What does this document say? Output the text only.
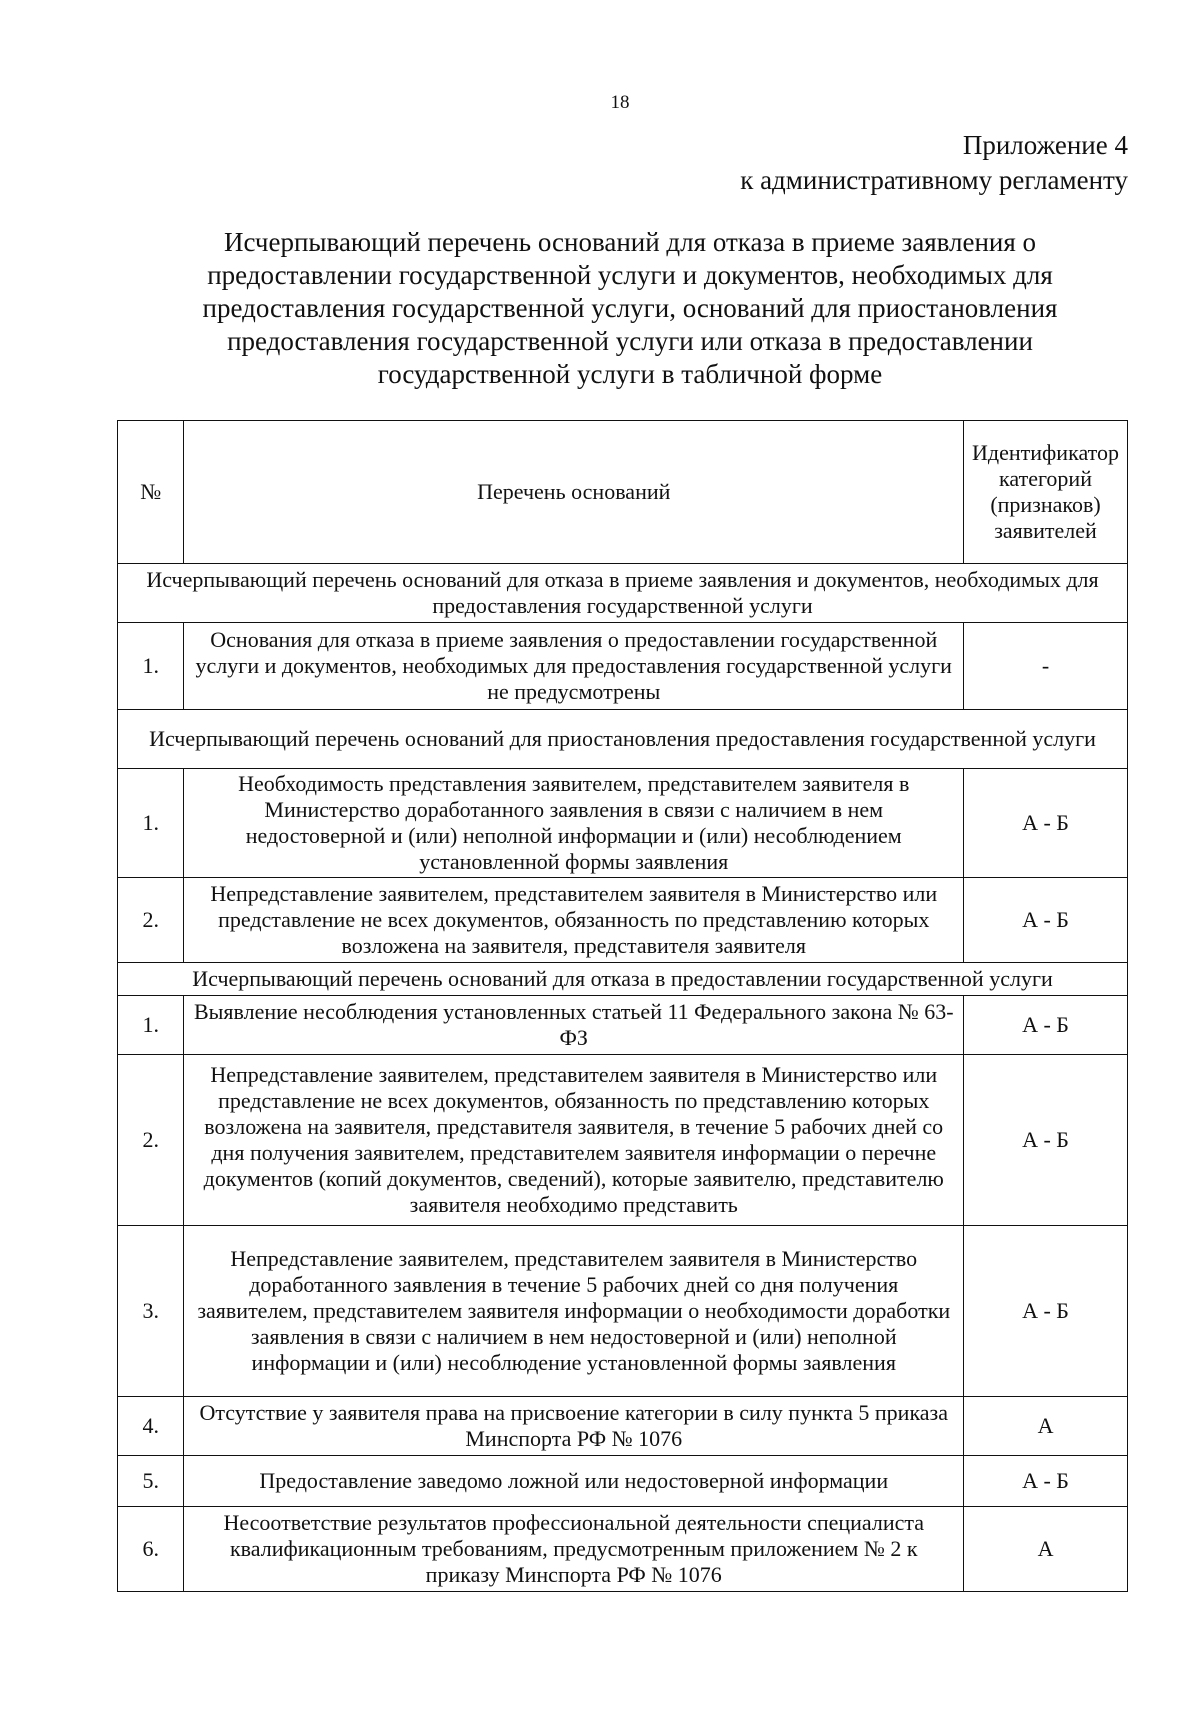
18
Приложение 4
к административному регламенту
Исчерпывающий перечень оснований для отказа в приеме заявления о
предоставлении государственной услуги и документов, необходимых для
предоставления государственной услуги, оснований для приостановления
предоставления государственной услуги или отказа в предоставлении
государственной услуги в табличной форме
№	Перечень оснований	Идентификатор категорий (признаков) заявителей
Исчерпывающий перечень оснований для отказа в приеме заявления и документов, необходимых для предоставления государственной услуги		
1.	Основания для отказа в приеме заявления о предоставлении государственной услуги и документов, необходимых для предоставления государственной услуги не предусмотрены	-
Исчерпывающий перечень оснований для приостановления предоставления государственной услуги		
1.	Необходимость представления заявителем, представителем заявителя в Министерство доработанного заявления в связи с наличием в нем недостоверной и (или) неполной информации и (или) несоблюдением установленной формы заявления	А - Б
2.	Непредставление заявителем, представителем заявителя в Министерство или представление не всех документов, обязанность по представлению которых возложена на заявителя, представителя заявителя	А - Б
Исчерпывающий перечень оснований для отказа в предоставлении государственной услуги		
1.	Выявление несоблюдения установленных статьей 11 Федерального закона № 63-ФЗ	А - Б
2.	Непредставление заявителем, представителем заявителя в Министерство или представление не всех документов, обязанность по представлению которых возложена на заявителя, представителя заявителя, в течение 5 рабочих дней со дня получения заявителем, представителем заявителя информации о перечне документов (копий документов, сведений), которые заявителю, представителю заявителя необходимо представить	А - Б
3.	Непредставление заявителем, представителем заявителя в Министерство доработанного заявления в течение 5 рабочих дней со дня получения заявителем, представителем заявителя информации о необходимости доработки заявления в связи с наличием в нем недостоверной и (или) неполной информации и (или) несоблюдение установленной формы заявления	А - Б
4.	Отсутствие у заявителя права на присвоение категории в силу пункта 5 приказа Минспорта РФ № 1076	А
5.	Предоставление заведомо ложной или недостоверной информации	А - Б
6.	Несоответствие результатов профессиональной деятельности специалиста квалификационным требованиям, предусмотренным приложением № 2 к приказу Минспорта РФ № 1076	А
